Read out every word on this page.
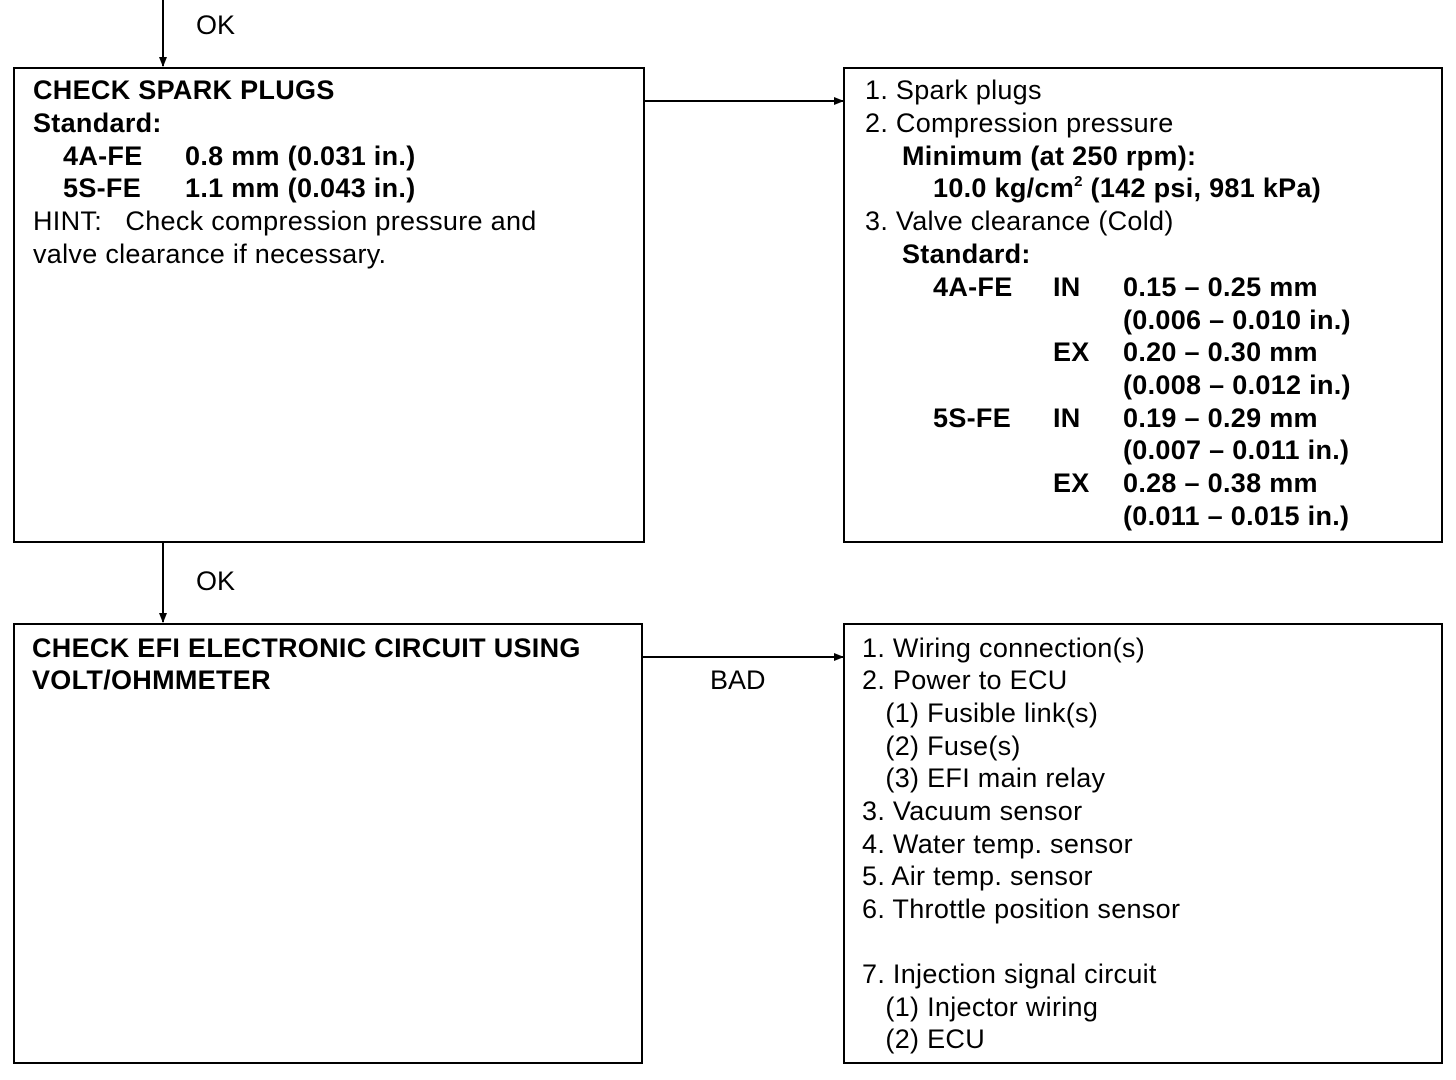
OK
OK
BAD
CHECK SPARK PLUGS
Standard:
4A-FE 0.8 mm (0.031 in.)
5S-FE 1.1 mm (0.043 in.)
HINT:   Check compression pressure and
valve clearance if necessary.
1. Spark plugs
2. Compression pressure
Minimum (at 250 rpm):
10.0 $kg/cm^2$ (142 psi, 981 kPa)
3. Valve clearance (Cold)
Standard:
4A-FE IN 0.15 – 0.25 mm
(0.006 – 0.010 in.)
EX 0.20 – 0.30 mm
(0.008 – 0.012 in.)
5S-FE IN 0.19 – 0.29 mm
(0.007 – 0.011 in.)
EX 0.28 – 0.38 mm
(0.011 – 0.015 in.)
CHECK EFI ELECTRONIC CIRCUIT USING
VOLT/OHMMETER
1. Wiring connection(s)
2. Power to ECU
(1) Fusible link(s)
(2) Fuse(s)
(3) EFI main relay
3. Vacuum sensor
4. Water temp. sensor
5. Air temp. sensor
6. Throttle position sensor
7. Injection signal circuit
(1) Injector wiring
(2) ECU
